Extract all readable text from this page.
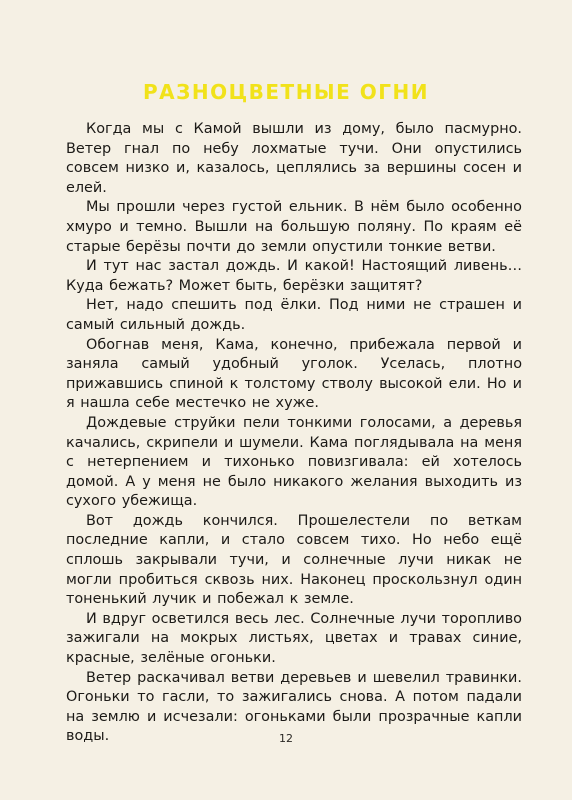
РАЗНОЦВЕТНЫЕ ОГНИ

Когда мы с Камой вышли из дому, было пасмурно. Ветер гнал по небу лохматые тучи. Они опустились совсем низко и, казалось, цеплялись за вершины сосен и елей.

Мы прошли через густой ельник. В нём было особенно хмуро и темно. Вышли на большую поляну. По краям её старые берёзы почти до земли опустили тонкие ветви.

И тут нас застал дождь. И какой! Настоящий ливень… Куда бежать? Может быть, берёзки защитят?

Нет, надо спешить под ёлки. Под ними не страшен и самый сильный дождь.

Обогнав меня, Кама, конечно, прибежала первой и заняла самый удобный уголок. Уселась, плотно прижавшись спиной к толстому стволу высокой ели. Но и я нашла себе местечко не хуже.

Дождевые струйки пели тонкими голосами, а деревья качались, скрипели и шумели. Кама поглядывала на меня с нетерпением и тихонько повизгивала: ей хотелось домой. А у меня не было никакого желания выходить из сухого убежища.

Вот дождь кончился. Прошелестели по веткам последние капли, и стало совсем тихо. Но небо ещё сплошь закрывали тучи, и солнечные лучи никак не могли пробиться сквозь них. Наконец проскользнул один тоненький лучик и побежал к земле.

И вдруг осветился весь лес. Солнечные лучи торопливо зажигали на мокрых листьях, цветах и травах синие, красные, зелёные огоньки.

Ветер раскачивал ветви деревьев и шевелил травинки. Огоньки то гасли, то зажигались снова. А потом падали на землю и исчезали: огоньками были прозрачные капли воды.	12
